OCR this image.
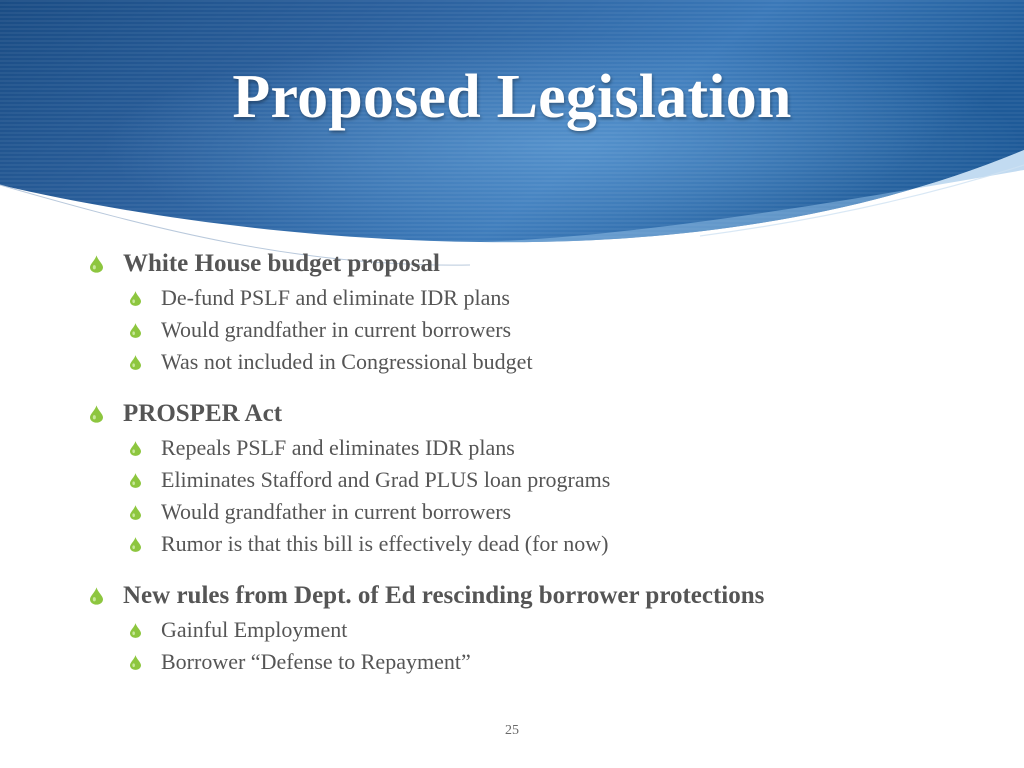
Proposed Legislation
White House budget proposal
De-fund PSLF and eliminate IDR plans
Would grandfather in current borrowers
Was not included in Congressional budget
PROSPER Act
Repeals PSLF and eliminates IDR plans
Eliminates Stafford and Grad PLUS loan programs
Would grandfather in current borrowers
Rumor is that this bill is effectively dead (for now)
New rules from Dept. of Ed rescinding borrower protections
Gainful Employment
Borrower “Defense to Repayment”
25
